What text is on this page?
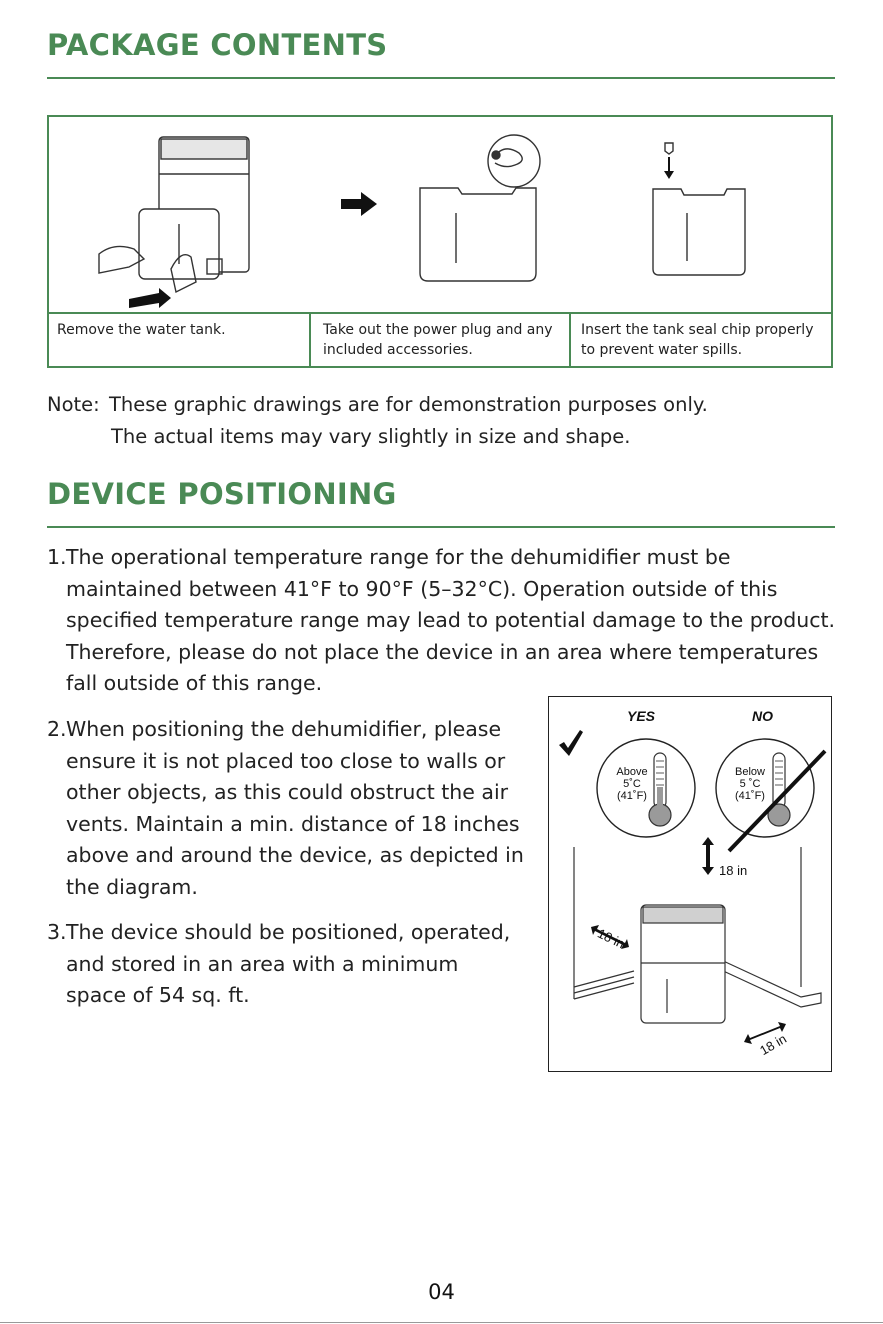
PACKAGE CONTENTS
Remove the water tank.	Take out the power plug and any included accessories.
Insert the tank seal chip properly to prevent water spills.
Note: These graphic drawings are for demonstration purposes only.
The actual items may vary slightly in size and shape.
DEVICE POSITIONING
1. The operational temperature range for the dehumidifier must be maintained between 41°F to 90°F (5–32°C). Operation outside of this specified temperature range may lead to potential damage to the product. Therefore, please do not place the device in an area where temperatures fall outside of this range.
2. When positioning the dehumidifier, please ensure it is not placed too close to walls or other objects, as this could obstruct the air vents. Maintain a min. distance of 18 inches above and around the device, as depicted in the diagram.
3. The device should be positioned, operated, and stored in an area with a minimum space of 54 sq. ft.
YES	NO
Above
5˚C
(41˚F)
Below
5 ˚C
(41˚F)
18 in
18 in
18 in
04
